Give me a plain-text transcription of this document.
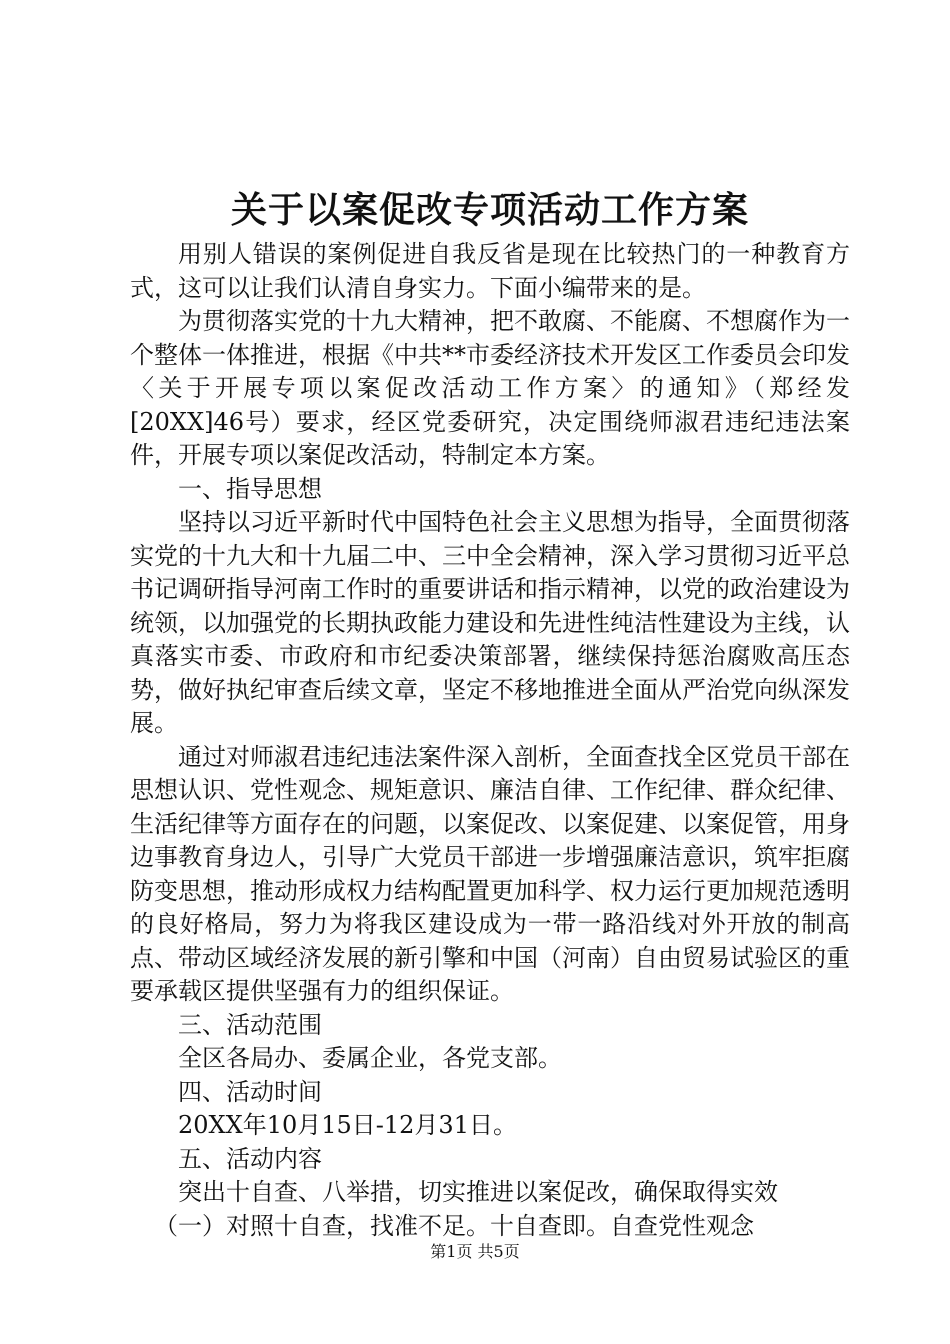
关于以案促改专项活动工作方案

用别人错误的案例促进自我反省是现在比较热门的一种教育方式，这可以让我们认清自身实力。下面小编带来的是。

为贯彻落实党的十九大精神，把不敢腐、不能腐、不想腐作为一个整体一体推进，根据《中共**市委经济技术开发区工作委员会印发〈关于开展专项以案促改活动工作方案〉的通知》（郑经发[20XX]46号）要求，经区党委研究，决定围绕师淑君违纪违法案件，开展专项以案促改活动，特制定本方案。

一、指导思想

坚持以习近平新时代中国特色社会主义思想为指导，全面贯彻落实党的十九大和十九届二中、三中全会精神，深入学习贯彻习近平总书记调研指导河南工作时的重要讲话和指示精神，以党的政治建设为统领，以加强党的长期执政能力建设和先进性纯洁性建设为主线，认真落实市委、市政府和市纪委决策部署，继续保持惩治腐败高压态势，做好执纪审查后续文章，坚定不移地推进全面从严治党向纵深发展。

通过对师淑君违纪违法案件深入剖析，全面查找全区党员干部在思想认识、党性观念、规矩意识、廉洁自律、工作纪律、群众纪律、生活纪律等方面存在的问题，以案促改、以案促建、以案促管，用身边事教育身边人，引导广大党员干部进一步增强廉洁意识，筑牢拒腐防变思想，推动形成权力结构配置更加科学、权力运行更加规范透明的良好格局，努力为将我区建设成为一带一路沿线对外开放的制高点、带动区域经济发展的新引擎和中国（河南）自由贸易试验区的重要承载区提供坚强有力的组织保证。

三、活动范围

全区各局办、委属企业，各党支部。

四、活动时间

20XX年10月15日-12月31日。

五、活动内容

突出十自查、八举措，切实推进以案促改，确保取得实效

（一）对照十自查，找准不足。十自查即。自查党性观念

第1页 共5页
